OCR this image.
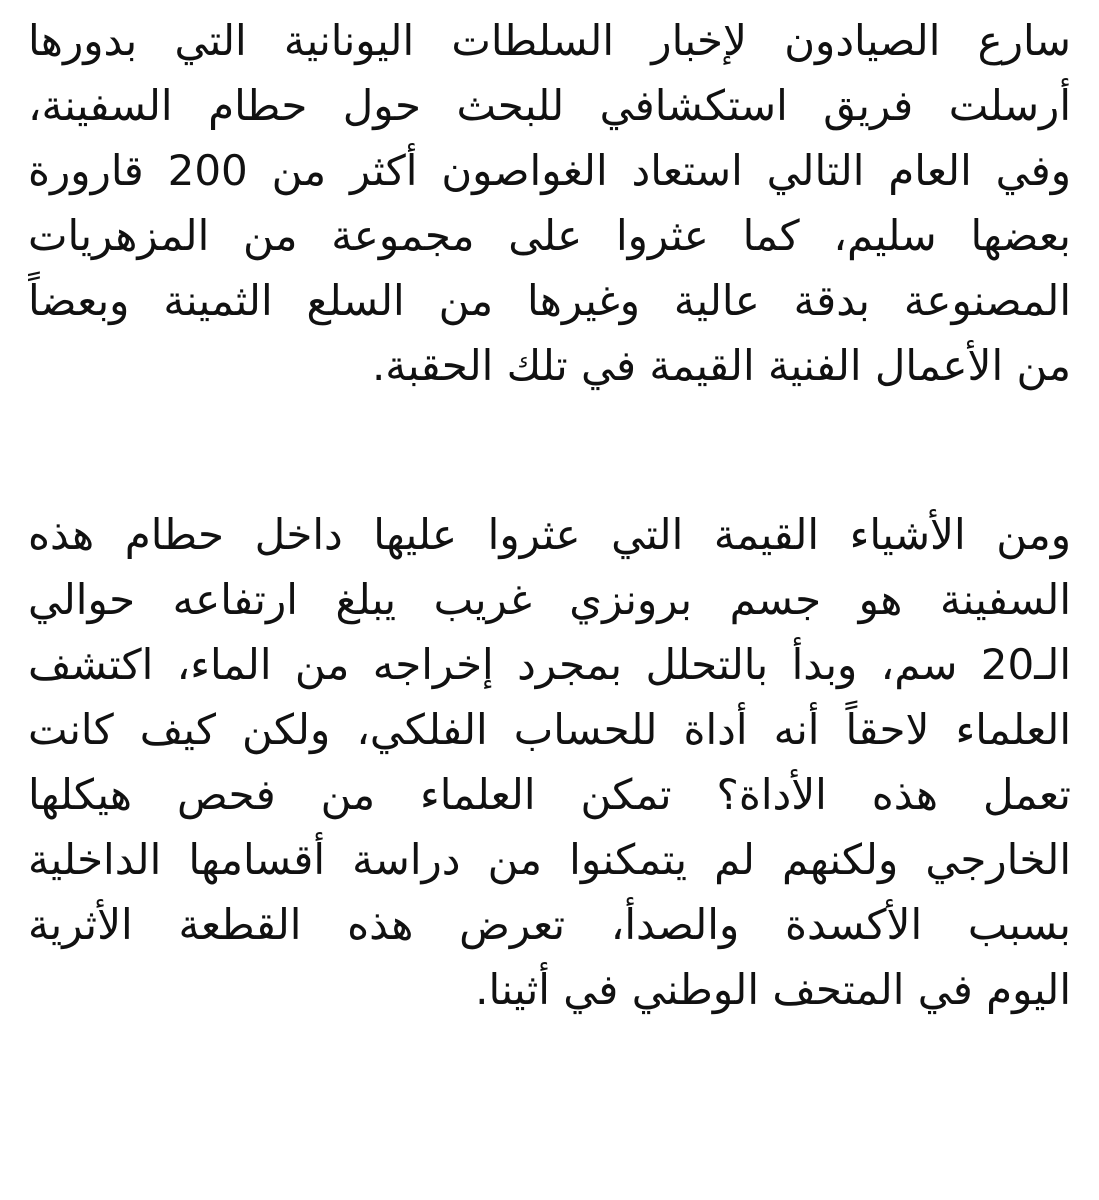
سارع الصيادون لإخبار السلطات اليونانية التي بدورها
أرسلت فريق استكشافي للبحث حول حطام السفينة،
وفي العام التالي استعاد الغواصون أكثر من 200 قارورة
بعضها سليم، كما عثروا على مجموعة من المزهريات
المصنوعة بدقة عالية وغيرها من السلع الثمينة وبعضاً
من الأعمال الفنية القيمة في تلك الحقبة.
ومن الأشياء القيمة التي عثروا عليها داخل حطام هذه
السفينة هو جسم برونزي غريب يبلغ ارتفاعه حوالي
الـ20 سم، وبدأ بالتحلل بمجرد إخراجه من الماء، اكتشف
العلماء لاحقاً أنه أداة للحساب الفلكي، ولكن كيف كانت
تعمل هذه الأداة؟ تمكن العلماء من فحص هيكلها
الخارجي ولكنهم لم يتمكنوا من دراسة أقسامها الداخلية
بسبب الأكسدة والصدأ، تعرض هذه القطعة الأثرية
اليوم في المتحف الوطني في أثينا.
